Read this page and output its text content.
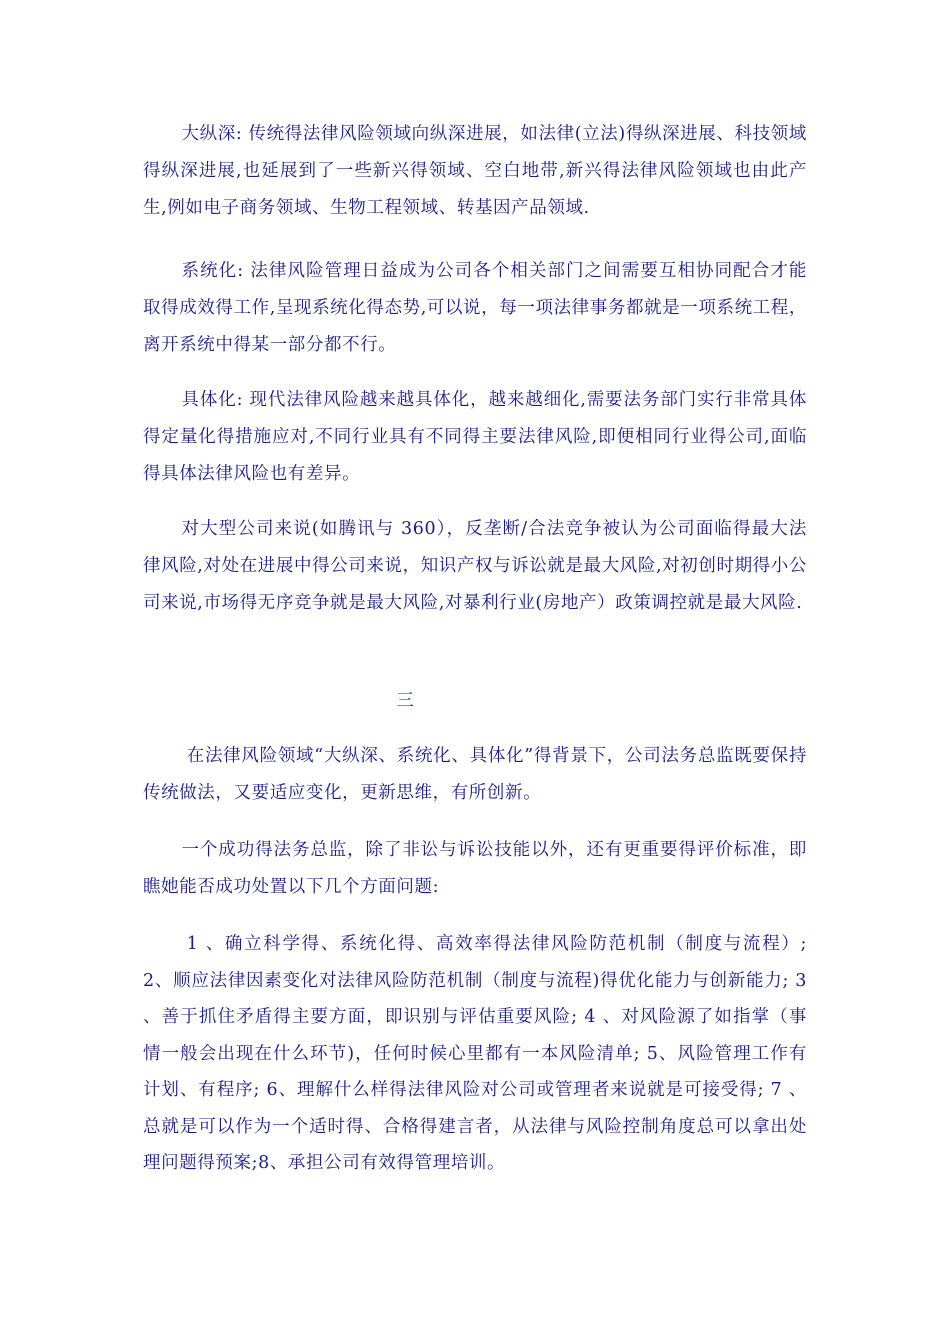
大纵深: 传统得法律风险领域向纵深进展，如法律(立法)得纵深进展、科技领域得纵深进展,也延展到了一些新兴得领域、空白地带,新兴得法律风险领域也由此产生,例如电子商务领域、生物工程领域、转基因产品领域.

系统化: 法律风险管理日益成为公司各个相关部门之间需要互相协同配合才能取得成效得工作,呈现系统化得态势,可以说，每一项法律事务都就是一项系统工程，离开系统中得某一部分都不行。

具体化: 现代法律风险越来越具体化，越来越细化,需要法务部门实行非常具体得定量化得措施应对,不同行业具有不同得主要法律风险,即便相同行业得公司,面临得具体法律风险也有差异。

对大型公司来说(如腾讯与 360），反垄断/合法竞争被认为公司面临得最大法律风险,对处在进展中得公司来说，知识产权与诉讼就是最大风险,对初创时期得小公司来说,市场得无序竞争就是最大风险,对暴利行业(房地产）政策调控就是最大风险.

三

在法律风险领域“大纵深、系统化、具体化”得背景下，公司法务总监既要保持传统做法，又要适应变化，更新思维，有所创新。

一个成功得法务总监，除了非讼与诉讼技能以外，还有更重要得评价标准，即瞧她能否成功处置以下几个方面问题:

1 、确立科学得、系统化得、高效率得法律风险防范机制（制度与流程）; 2、顺应法律因素变化对法律风险防范机制（制度与流程)得优化能力与创新能力; 3 、善于抓住矛盾得主要方面，即识别与评估重要风险; 4 、对风险源了如指掌（事情一般会出现在什么环节)，任何时候心里都有一本风险清单; 5、风险管理工作有计划、有程序; 6、理解什么样得法律风险对公司或管理者来说就是可接受得; 7 、总就是可以作为一个适时得、合格得建言者，从法律与风险控制角度总可以拿出处理问题得预案;8、承担公司有效得管理培训。
